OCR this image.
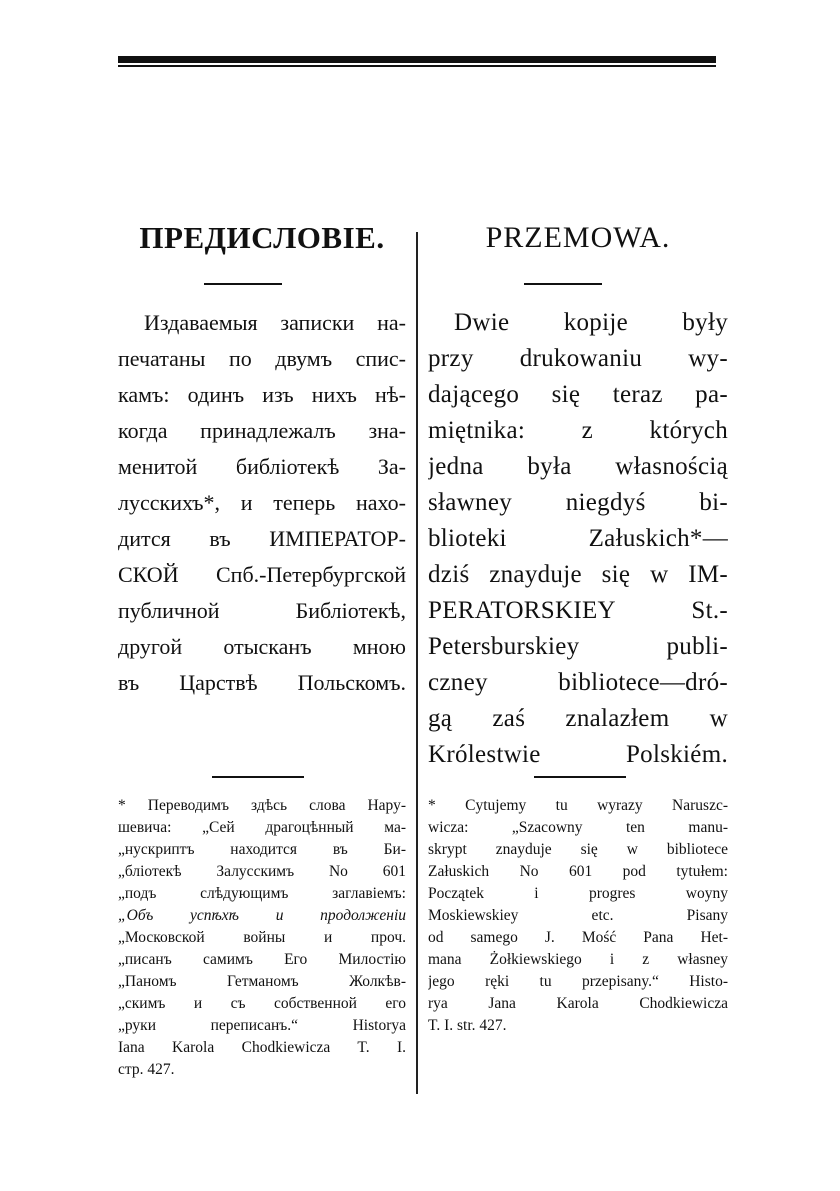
ПРЕДИСЛОВІЕ.
Издаваемыя записки на-
печатаны по двумъ спис-
камъ: одинъ изъ нихъ нѣ-
когда принадлежалъ зна-
менитой библіотекѣ За-
лусскихъ*, и теперь нахо-
дится въ ИМПЕРАТОР-
СКОЙ Спб.-Петербургской
публичной Библіотекѣ,
другой отысканъ мною
въ Царствѣ Польскомъ.
* Переводимъ здѣсь слова Нару-
шевича: „Сей драгоцѣнный ма-
„нускриптъ находится въ Би-
„бліотекѣ Залусскимъ No 601
„подъ слѣдующимъ заглавіемъ:
„Объ успѣхѣ и продолженіи
„Московской войны и проч.
„писанъ самимъ Его Милостію
„Паномъ Гетманомъ Жолкѣв-
„скимъ и съ собственной его
„руки переписанъ.“ Historya
Iana Karola Chodkiewicza T. I.
стр. 427.
PRZEMOWA.
Dwie kopije były
przy drukowaniu wy-
dającego się teraz pa-
miętnika: z których
jedna była własnością
sławney niegdyś bi-
blioteki Załuskich*—
dziś znayduje się w IM-
PERATORSKIEY St.-
Petersburskiey publi-
czney bibliotece—dró-
gą zaś znalazłem w
Królestwie Polskiém.
* Cytujemy tu wyrazy Naruszc-
wicza: „Szacowny ten manu-
skrypt znayduje się w bibliotece
Załuskich No 601 pod tytułem:
Początek i progres woyny
Moskiewskiey etc. Pisany
od samego J. Mość Pana Het-
mana Żołkiewskiego i z własney
jego ręki tu przepisany.“ Histo-
rya Jana Karola Chodkiewicza
T. I. str. 427.
